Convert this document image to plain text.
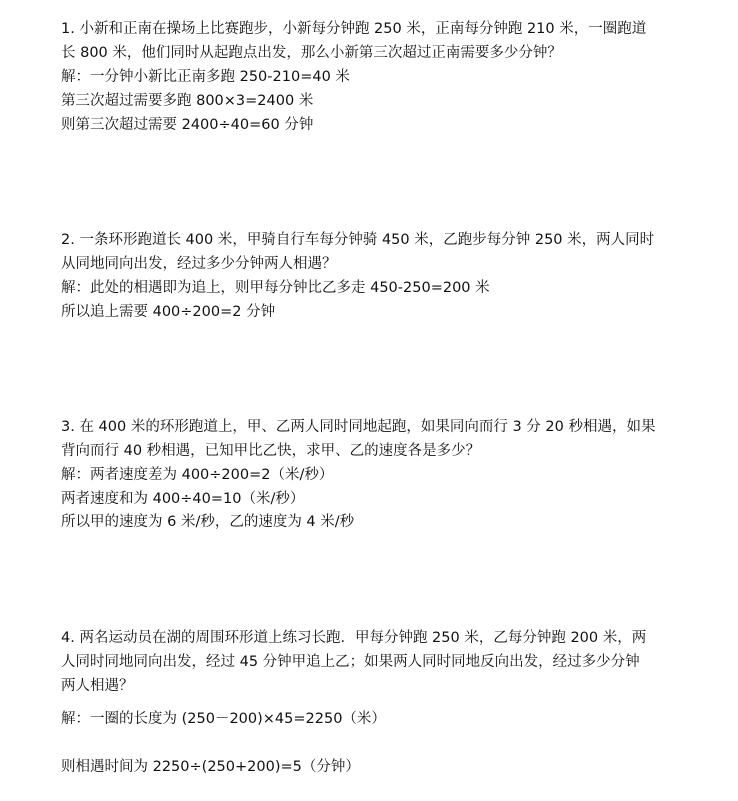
1. 小新和正南在操场上比赛跑步，小新每分钟跑 250 米，正南每分钟跑 210 米，一圈跑道
长 800 米，他们同时从起跑点出发，那么小新第三次超过正南需要多少分钟？
解：一分钟小新比正南多跑 250-210=40 米
第三次超过需要多跑 800×3=2400 米
则第三次超过需要 2400÷40=60 分钟
2. 一条环形跑道长 400 米，甲骑自行车每分钟骑 450 米，乙跑步每分钟 250 米，两人同时
从同地同向出发，经过多少分钟两人相遇？
解：此处的相遇即为追上，则甲每分钟比乙多走 450-250=200 米
所以追上需要 400÷200=2 分钟
3. 在 400 米的环形跑道上，甲、乙两人同时同地起跑，如果同向而行 3 分 20 秒相遇，如果
背向而行 40 秒相遇，已知甲比乙快，求甲、乙的速度各是多少？
解：两者速度差为 400÷200=2（米/秒）
两者速度和为 400÷40=10（米/秒）
所以甲的速度为 6 米/秒，乙的速度为 4 米/秒
4. 两名运动员在湖的周围环形道上练习长跑．甲每分钟跑 250 米，乙每分钟跑 200 米，两
人同时同地同向出发，经过 45 分钟甲追上乙；如果两人同时同地反向出发，经过多少分钟
两人相遇？
解：一圈的长度为 (250－200)×45=2250（米）
则相遇时间为 2250÷(250+200)=5（分钟）
